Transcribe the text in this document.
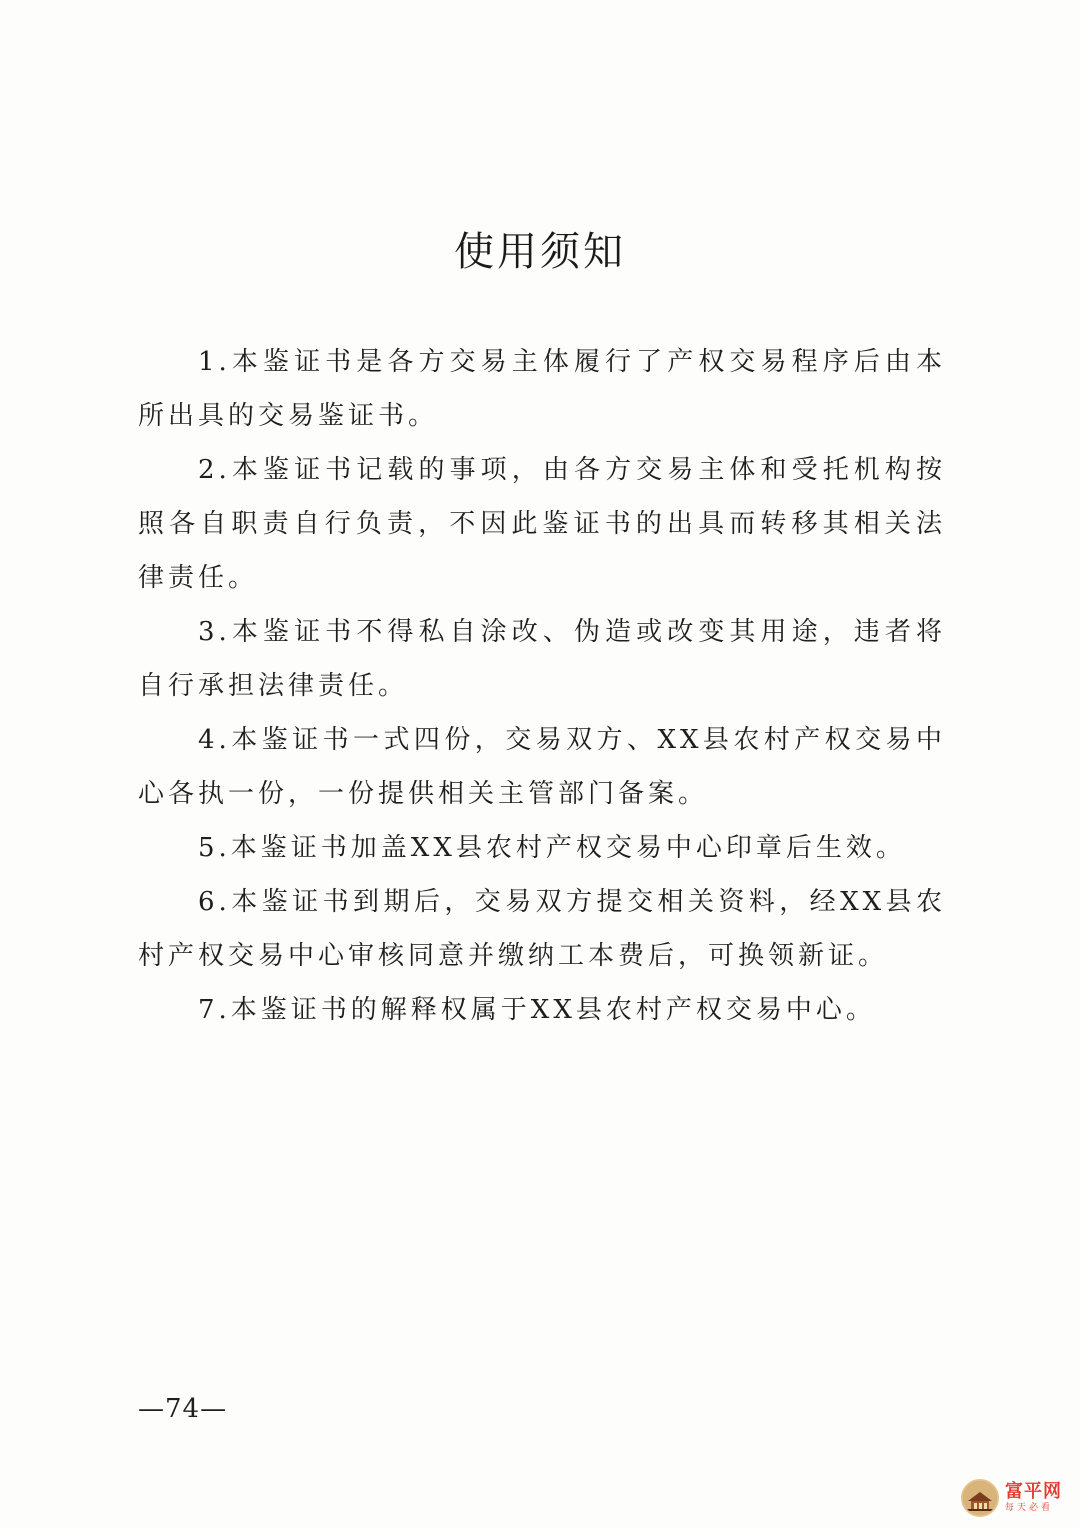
使用须知

1.本鉴证书是各方交易主体履行了产权交易程序后由本所出具的交易鉴证书。

2.本鉴证书记载的事项，由各方交易主体和受托机构按照各自职责自行负责，不因此鉴证书的出具而转移其相关法律责任。

3.本鉴证书不得私自涂改、伪造或改变其用途，违者将自行承担法律责任。

4.本鉴证书一式四份，交易双方、XX县农村产权交易中心各执一份，一份提供相关主管部门备案。

5.本鉴证书加盖XX县农村产权交易中心印章后生效。

6.本鉴证书到期后，交易双方提交相关资料，经XX县农村产权交易中心审核同意并缴纳工本费后，可换领新证。

7.本鉴证书的解释权属于XX县农村产权交易中心。

—74—
富平网
每天必看
